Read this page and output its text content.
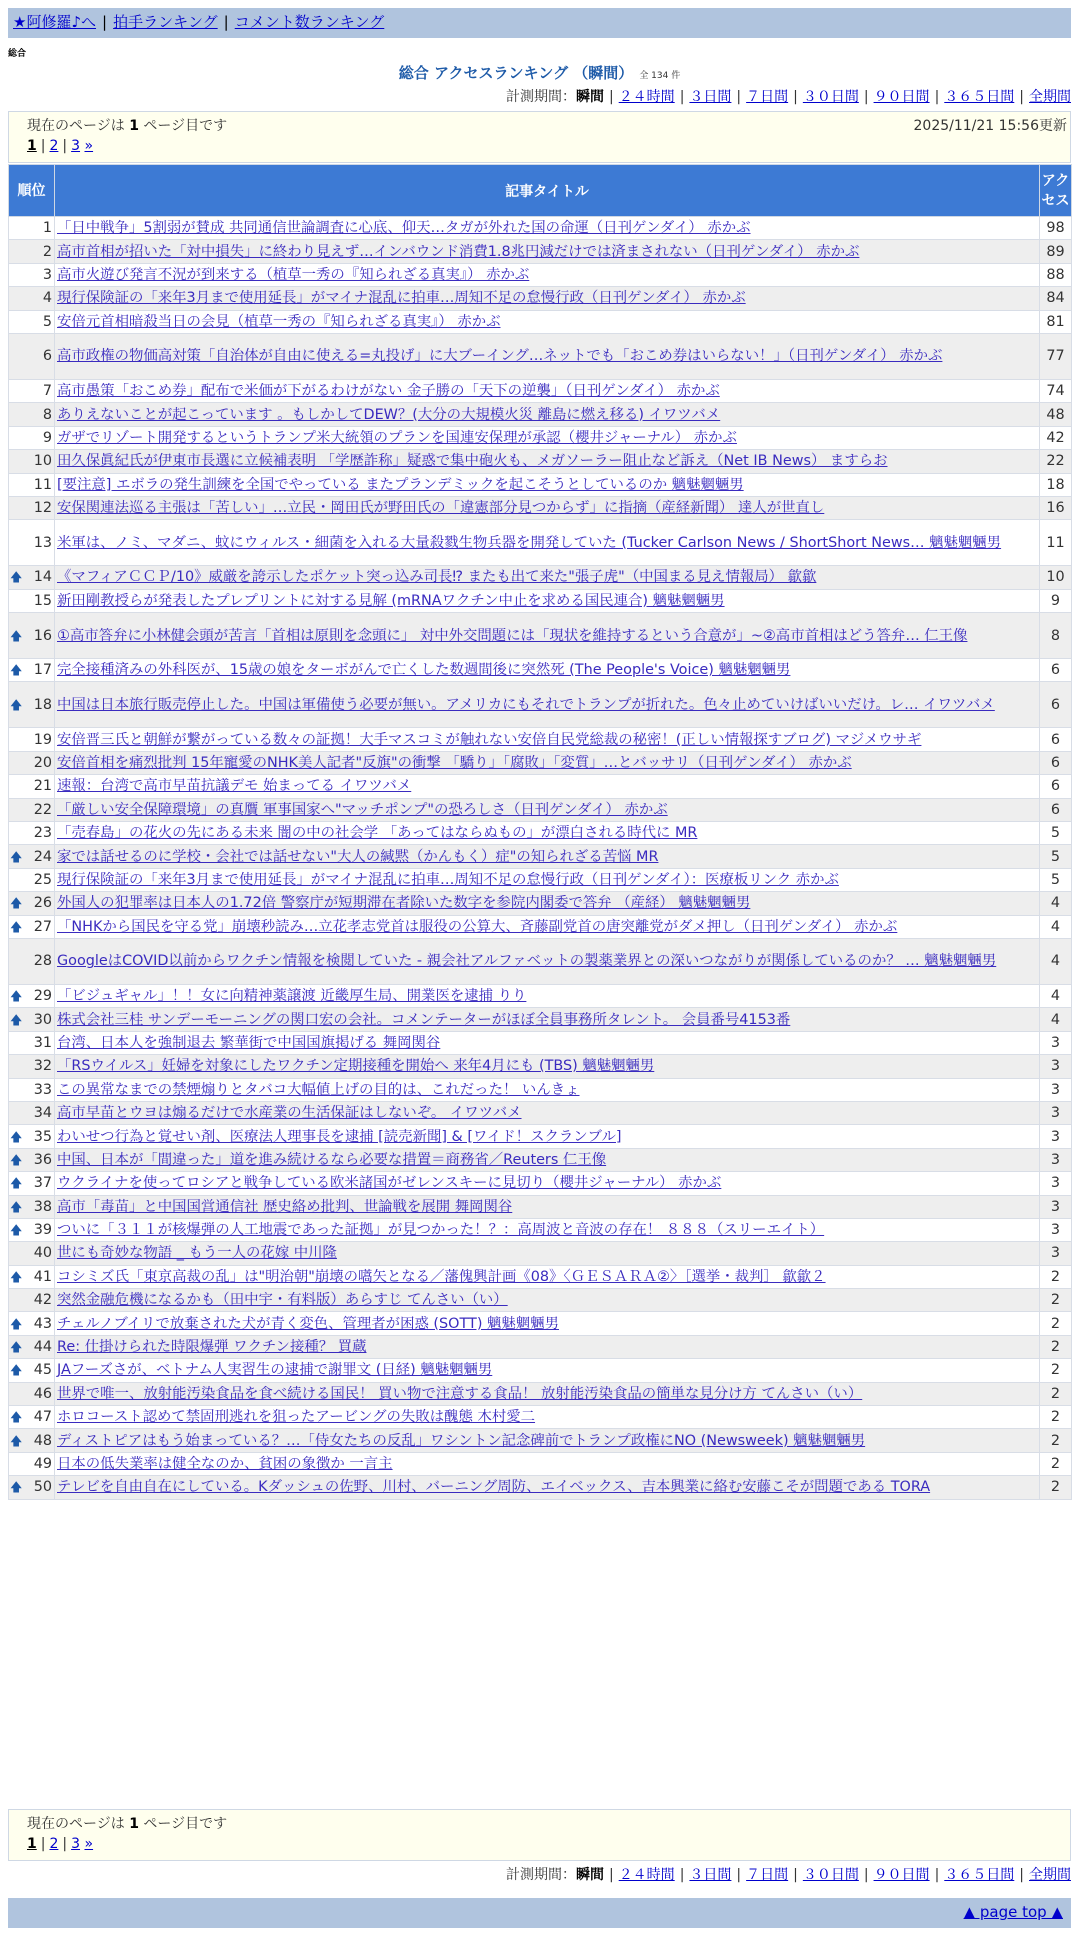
★阿修羅♪へ | 拍手ランキング | コメント数ランキング
総合
総合 アクセスランキング （瞬間） 全 134 件
計測期間：瞬間 | ２４時間 | ３日間 | ７日間 | ３０日間 | ９０日間 | ３６５日間 | 全期間
現在のページは 1 ページ目です	2025/11/21 15:56更新
1 | 2 | 3 »
順位	記事タイトル	アクセス
1	「日中戦争」5割弱が賛成 共同通信世論調査に心底、仰天…タガが外れた国の命運（日刊ゲンダイ） 赤かぶ	98
2	高市首相が招いた「対中損失」に終わり見えず…インバウンド消費1.8兆円減だけでは済まされない（日刊ゲンダイ） 赤かぶ	89
3	高市火遊び発言不況が到来する（植草一秀の『知られざる真実』） 赤かぶ	88
4	現行保険証の「来年3月まで使用延長」がマイナ混乱に拍車…周知不足の怠慢行政（日刊ゲンダイ） 赤かぶ	84
5	安倍元首相暗殺当日の会見（植草一秀の『知られざる真実』） 赤かぶ	81
6	高市政権の物価高対策「自治体が自由に使える=丸投げ」に大ブーイング…ネットでも「おこめ券はいらない！」（日刊ゲンダイ） 赤かぶ	77
7	高市愚策「おこめ券」配布で米価が下がるわけがない 金子勝の「天下の逆襲」（日刊ゲンダイ） 赤かぶ	74
8	ありえないことが起こっています 。もしかしてDEW？(大分の大規模火災 離島に燃え移る) イワツバメ	48
9	ガザでリゾート開発するというトランプ米大統領のプランを国連安保理が承認（櫻井ジャーナル） 赤かぶ	42
10	田久保眞紀氏が伊東市長選に立候補表明 「学歴詐称」疑惑で集中砲火も、メガソーラー阻止など訴え（Net IB News） ますらお	22
11	[要注意] エボラの発生訓練を全国でやっている またプランデミックを起こそうとしているのか 魑魅魍魎男	18
12	安保関連法巡る主張は「苦しい」…立民・岡田氏が野田氏の「違憲部分見つからず」に指摘（産経新聞） 達人が世直し	16
13	米軍は、ノミ、マダニ、蚊にウィルス・細菌を入れる大量殺戮生物兵器を開発していた (Tucker Carlson News / ShortShort News… 魑魅魍魎男	11

🡅 14	《マフィアＣＣＰ/10》威厳を誇示したポケット突っ込み司長⁉ またも出て来た"張子虎"（中国まる見え情報局） 歙歙	10
15	新田剛教授らが発表したプレプリントに対する見解 (mRNAワクチン中止を求める国民連合) 魑魅魍魎男	9

🡅 16	①高市答弁に小林健会頭が苦言「首相は原則を念頭に」 対中外交問題には「現状を維持するという合意が」~②高市首相はどう答弁… 仁王像	8

🡅 17	完全接種済みの外科医が、15歳の娘をターボがんで亡くした数週間後に突然死 (The People's Voice) 魑魅魍魎男	6

🡅 18	中国は日本旅行販売停止した。中国は軍備使う必要が無い。アメリカにもそれでトランプが折れた。色々止めていけばいいだけ。レ… イワツバメ	6
19	安倍晋三氏と朝鮮が繋がっている数々の証拠！大手マスコミが触れない安倍自民党総裁の秘密！(正しい情報探すブログ) マジメウサギ	6
20	安倍首相を痛烈批判 15年寵愛のNHK美人記者"反旗"の衝撃 「驕り」「腐敗」「変質」…とバッサリ（日刊ゲンダイ） 赤かぶ	6
21	速報：台湾で高市早苗抗議デモ 始まってる イワツバメ	6
22	「厳しい安全保障環境」の真贋 軍事国家へ"マッチポンプ"の恐ろしさ（日刊ゲンダイ） 赤かぶ	6
23	「売春島」の花火の先にある未来 闇の中の社会学 「あってはならぬもの」が漂白される時代に MR	5

🡅 24	家では話せるのに学校・会社では話せない"大人の緘黙（かんもく）症"の知られざる苦悩 MR	5
25	現行保険証の「来年3月まで使用延長」がマイナ混乱に拍車…周知不足の怠慢行政（日刊ゲンダイ）：医療板リンク 赤かぶ	5

🡅 26	外国人の犯罪率は日本人の1.72倍 警察庁が短期滞在者除いた数字を参院内閣委で答弁 （産経） 魑魅魍魎男	4

🡅 27	「NHKから国民を守る党」崩壊秒読み…立花孝志党首は服役の公算大、斉藤副党首の唐突離党がダメ押し（日刊ゲンダイ） 赤かぶ	4
28	GoogleはCOVID以前からワクチン情報を検閲していた - 親会社アルファベットの製薬業界との深いつながりが関係しているのか？ … 魑魅魍魎男	4

🡅 29	「ビジュギャル」！！女に向精神薬譲渡 近畿厚生局、開業医を逮捕 りり	4

🡅 30	株式会社三桂 サンデーモーニングの関口宏の会社。コメンテーターがほぼ全員事務所タレント。 会員番号4153番	4
31	台湾、日本人を強制退去 繁華街で中国国旗掲げる 舞岡関谷	3
32	「RSウイルス」妊婦を対象にしたワクチン定期接種を開始へ 来年4月にも (TBS) 魑魅魍魎男	3
33	この異常なまでの禁煙煽りとタバコ大幅値上げの目的は、これだった！ いんきょ	3
34	高市早苗とウヨは煽るだけで水産業の生活保証はしないぞ。 イワツバメ	3

🡅 35	わいせつ行為と覚せい剤、医療法人理事長を逮捕 [読売新聞] & [ワイド！スクランブル]	3

🡅 36	中国、日本が「間違った」道を進み続けるなら必要な措置＝商務省／Reuters 仁王像	3

🡅 37	ウクライナを使ってロシアと戦争している欧米諸国がゼレンスキーに見切り（櫻井ジャーナル） 赤かぶ	3

🡅 38	高市「毒苗」と中国国営通信社 歴史絡め批判、世論戦を展開 舞岡関谷	3

🡅 39	ついに「３１１が核爆弾の人工地震であった証拠」が見つかった！？：高周波と音波の存在！ ８８８（スリーエイト）	3
40	世にも奇妙な物語 _ もう一人の花嫁 中川隆	3

🡅 41	コシミズ氏「東京高裁の乱」は"明治朝"崩壊の嚆矢となる／藩傀興計画《08》〈ＧＥＳＡＲＡ②〉［選挙・裁判］ 歙歙２	2
42	突然金融危機になるかも（田中宇・有料版）あらすじ てんさい（い）	2

🡅 43	チェルノブイリで放棄された犬が青く変色、管理者が困惑 (SOTT) 魑魅魍魎男	2

🡅 44	Re: 仕掛けられた時限爆弾 ワクチン接種？ 買蔵	2

🡅 45	JAフーズさが、ベトナム人実習生の逮捕で謝罪文 (日経) 魑魅魍魎男	2
46	世界で唯一、放射能汚染食品を食べ続ける国民！ 買い物で注意する食品！ 放射能汚染食品の簡単な見分け方 てんさい（い）	2

🡅 47	ホロコースト認めて禁固刑逃れを狙ったアービングの失敗は醜態 木村愛二	2

🡅 48	ディストピアはもう始まっている？…「侍女たちの反乱」ワシントン記念碑前でトランプ政権にNO (Newsweek) 魑魅魍魎男	2
49	日本の低失業率は健全なのか、貧困の象徴か 一言主	2

🡅 50	テレビを自由自在にしている。Kダッシュの佐野、川村、バーニング周防、エイベックス、吉本興業に絡む安藤こそが問題である TORA	2
現在のページは 1 ページ目です
1 | 2 | 3 »
計測期間：瞬間 | ２４時間 | ３日間 | ７日間 | ３０日間 | ９０日間 | ３６５日間 | 全期間
▲ page top ▲
